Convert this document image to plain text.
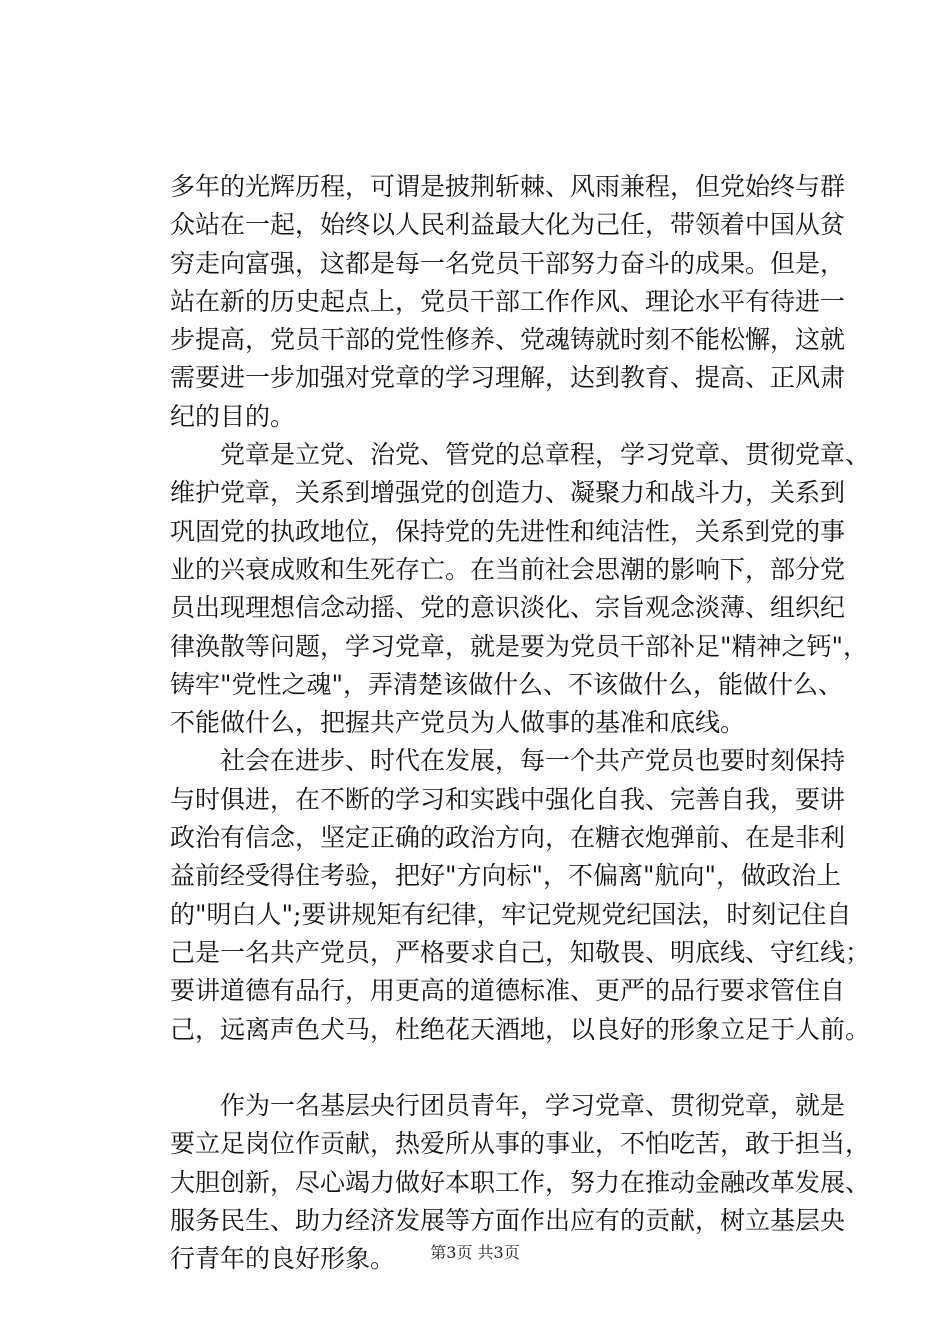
多年的光辉历程，可谓是披荆斩棘、风雨兼程，但党始终与群
众站在一起，始终以人民利益最大化为己任，带领着中国从贫
穷走向富强，这都是每一名党员干部努力奋斗的成果。但是，
站在新的历史起点上，党员干部工作作风、理论水平有待进一
步提高，党员干部的党性修养、党魂铸就时刻不能松懈，这就
需要进一步加强对党章的学习理解，达到教育、提高、正风肃
纪的目的。
　　党章是立党、治党、管党的总章程，学习党章、贯彻党章、
维护党章，关系到增强党的创造力、凝聚力和战斗力，关系到
巩固党的执政地位，保持党的先进性和纯洁性，关系到党的事
业的兴衰成败和生死存亡。在当前社会思潮的影响下，部分党
员出现理想信念动摇、党的意识淡化、宗旨观念淡薄、组织纪
律涣散等问题，学习党章，就是要为党员干部补足"精神之钙"，
铸牢"党性之魂"，弄清楚该做什么、不该做什么，能做什么、
不能做什么，把握共产党员为人做事的基准和底线。
　　社会在进步、时代在发展，每一个共产党员也要时刻保持
与时俱进，在不断的学习和实践中强化自我、完善自我，要讲
政治有信念，坚定正确的政治方向，在糖衣炮弹前、在是非利
益前经受得住考验，把好"方向标"，不偏离"航向"，做政治上
的"明白人";要讲规矩有纪律，牢记党规党纪国法，时刻记住自
己是一名共产党员，严格要求自己，知敬畏、明底线、守红线；
要讲道德有品行，用更高的道德标准、更严的品行要求管住自
己，远离声色犬马，杜绝花天酒地，以良好的形象立足于人前。
　　作为一名基层央行团员青年，学习党章、贯彻党章，就是
要立足岗位作贡献，热爱所从事的事业，不怕吃苦，敢于担当，
大胆创新，尽心竭力做好本职工作，努力在推动金融改革发展、
服务民生、助力经济发展等方面作出应有的贡献，树立基层央
行青年的良好形象。	第3页 共3页
